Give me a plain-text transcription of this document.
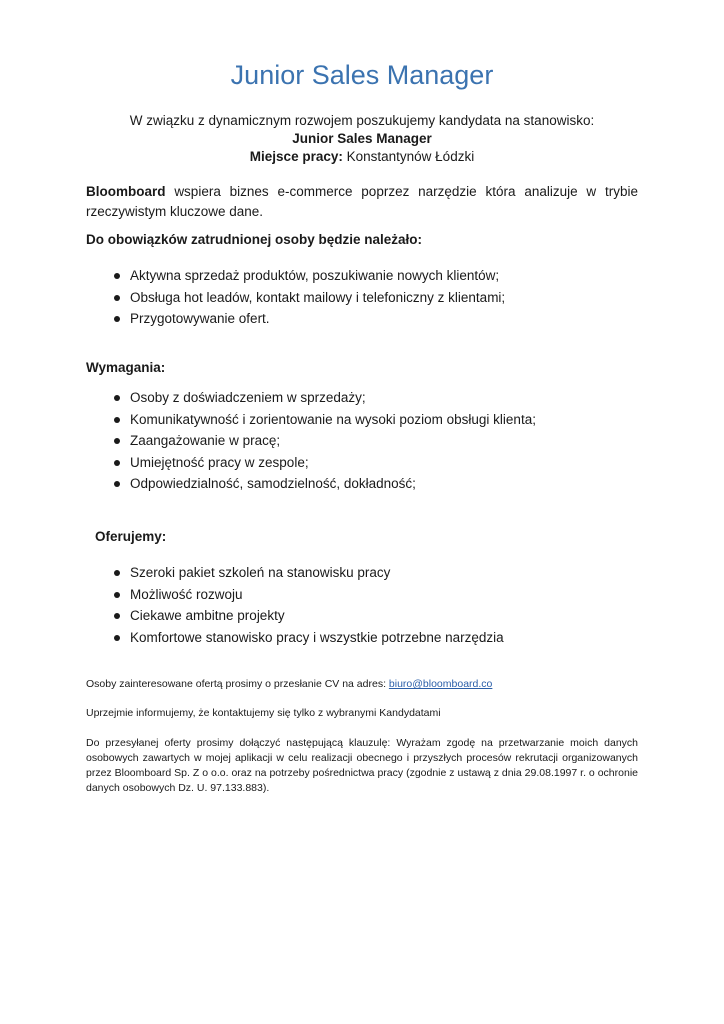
Junior Sales Manager
W związku z dynamicznym rozwojem poszukujemy kandydata na stanowisko:
Junior Sales Manager
Miejsce pracy: Konstantynów Łódzki
Bloomboard wspiera biznes e-commerce poprzez narzędzie która analizuje w trybie rzeczywistym kluczowe dane.
Do obowiązków zatrudnionej osoby będzie należało:
Aktywna sprzedaż produktów, poszukiwanie nowych klientów;
Obsługa hot leadów, kontakt mailowy i telefoniczny z klientami;
Przygotowywanie ofert.
Wymagania:
Osoby z doświadczeniem w sprzedaży;
Komunikatywność i zorientowanie na wysoki poziom obsługi klienta;
Zaangażowanie w pracę;
Umiejętność pracy w zespole;
Odpowiedzialność, samodzielność, dokładność;
Oferujemy:
Szeroki pakiet szkoleń na stanowisku pracy
Możliwość rozwoju
Ciekawe ambitne projekty
Komfortowe stanowisko pracy i wszystkie potrzebne narzędzia
Osoby zainteresowane ofertą prosimy o przesłanie CV na adres: biuro@bloomboard.co
Uprzejmie informujemy, że kontaktujemy się tylko z wybranymi Kandydatami
Do przesyłanej oferty prosimy dołączyć następującą klauzulę: Wyrażam zgodę na przetwarzanie moich danych osobowych zawartych w mojej aplikacji w celu realizacji obecnego i przyszłych procesów rekrutacji organizowanych przez Bloomboard Sp. Z o o.o. oraz na potrzeby pośrednictwa pracy (zgodnie z ustawą z dnia 29.08.1997 r. o ochronie danych osobowych Dz. U. 97.133.883).
